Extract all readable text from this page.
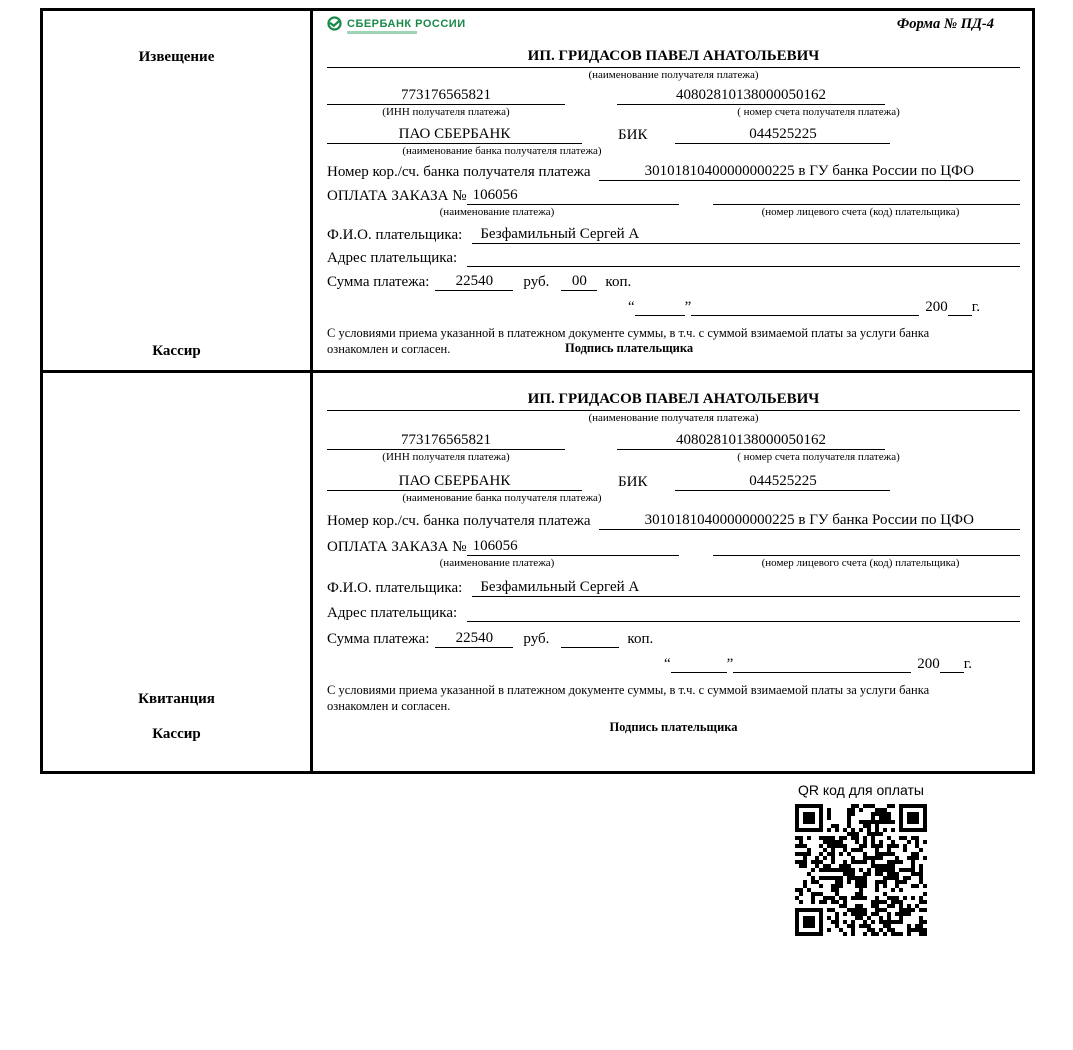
Извещение
Кассир
СБЕРБАНК РОССИИ	Форма № ПД-4
ИП. ГРИДАСОВ ПАВЕЛ АНАТОЛЬЕВИЧ
(наименование получателя платежа)
773176565821	40802810138000050162
(ИНН получателя платежа)	( номер счета получателя платежа)
ПАО СБЕРБАНК	БИК	044525225
(наименование банка получателя платежа)
Номер кор./сч. банка получателя платежа	30101810400000000225 в ГУ банка России по ЦФО
ОПЛАТА ЗАКАЗА № 106056
(наименование платежа)	(номер лицевого счета (код) плательщика)
Ф.И.О. плательщика:	Безфамильный Сергей А
Адрес плательщика:
Сумма платежа:	22540	руб.	00	коп.
“	”	200 г.
С условиями приема указанной в платежном документе суммы, в т.ч. с суммой взимаемой платы за услуги банка ознакомлен и согласен.	Подпись плательщика
Квитанция
Кассир
ИП. ГРИДАСОВ ПАВЕЛ АНАТОЛЬЕВИЧ
(наименование получателя платежа)
773176565821	40802810138000050162
(ИНН получателя платежа)	( номер счета получателя платежа)
ПАО СБЕРБАНК	БИК	044525225
(наименование банка получателя платежа)
Номер кор./сч. банка получателя платежа	30101810400000000225 в ГУ банка России по ЦФО
ОПЛАТА ЗАКАЗА № 106056
(наименование платежа)	(номер лицевого счета (код) плательщика)
Ф.И.О. плательщика:	Безфамильный Сергей А
Адрес плательщика:
Сумма платежа:	22540	руб.	коп.
“	”	200 г.
С условиями приема указанной в платежном документе суммы, в т.ч. с суммой взимаемой платы за услуги банка ознакомлен и согласен.
Подпись плательщика
QR код для оплаты
